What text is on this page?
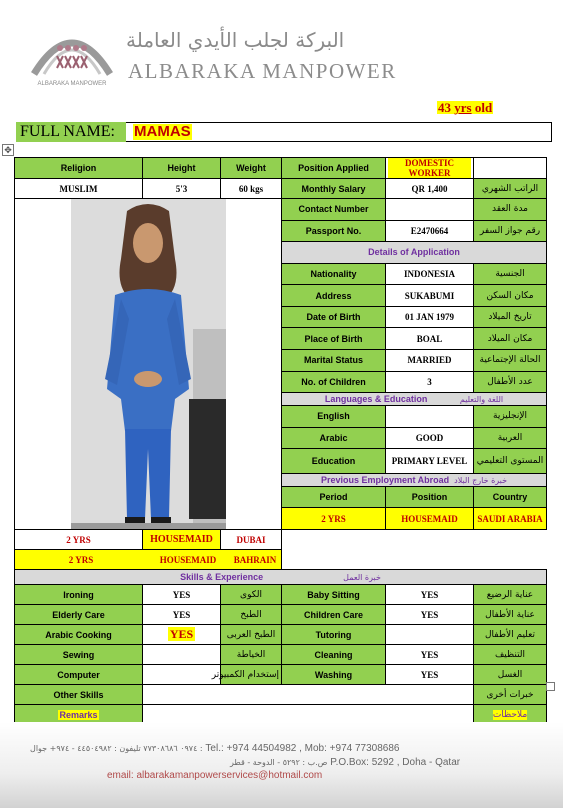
ALBARAKA MANPOWER
البركة لجلب الأيدي العاملة
ALBARAKA MANPOWER
43 yrs old
FULL NAME:	MAMAS
✥
Religion	Height	Weight	Position Applied	DOMESTIC WORKER

MUSLIM	5'3	60 kgs	Monthly Salary	QR 1,400	الراتب الشهري

	Contact Number		مدة العقد
Passport No.	E2470664	رقم جواز السفر
Details of Application
Nationality	INDONESIA	الجنسية
Address	SUKABUMI	مكان السكن
Date of Birth	01 JAN 1979	تاريخ الميلاد
Place of Birth	BOAL	مكان الميلاد
Marital Status	MARRIED	الحالة الإجتماعية
No. of Children	3	عدد الأطفال
Languages & Education	اللغة والتعليم
English		الإنجليزية
Arabic	GOOD	العربية
Education	PRIMARY LEVEL	المستوى التعليمي
Previous Employment Abroad خبرة خارج البلاد
Period	Position	Country
2 YRS	HOUSEMAID	SAUDI ARABIA
2 YRS	HOUSEMAID	DUBAI

2 YRS	HOUSEMAID	BAHRAIN

Skills & Experience	خبرة العمل
Ironing	YES	الكوى	Baby Sitting	YES	عناية الرضيع
Elderly Care	YES	الطبخ	Children Care	YES	عناية الأطفال
Arabic Cooking	YES	الطبخ العربى	Tutoring		تعليم الأطفال
Sewing		الخياطة	Cleaning	YES	التنظيف
Computer		إستخدام الكمبيوتر	Washing	YES	الغسل
Other Skills		خبرات أخرى
Remarks		ملاحظات
٠٩٧٤ ٧٧٣٠٨٦٨٦ تليفون : ٤٤٥٠٤٩٨٢ - ٩٧٤+ جوال : Tel.: +974 44504982 , Mob: +974 77308686
ص.ب : ٥٢٩٢ - الدوحة - قطر P.O.Box: 5292 , Doha - Qatar
email: albarakamanpowerservices@hotmail.com
